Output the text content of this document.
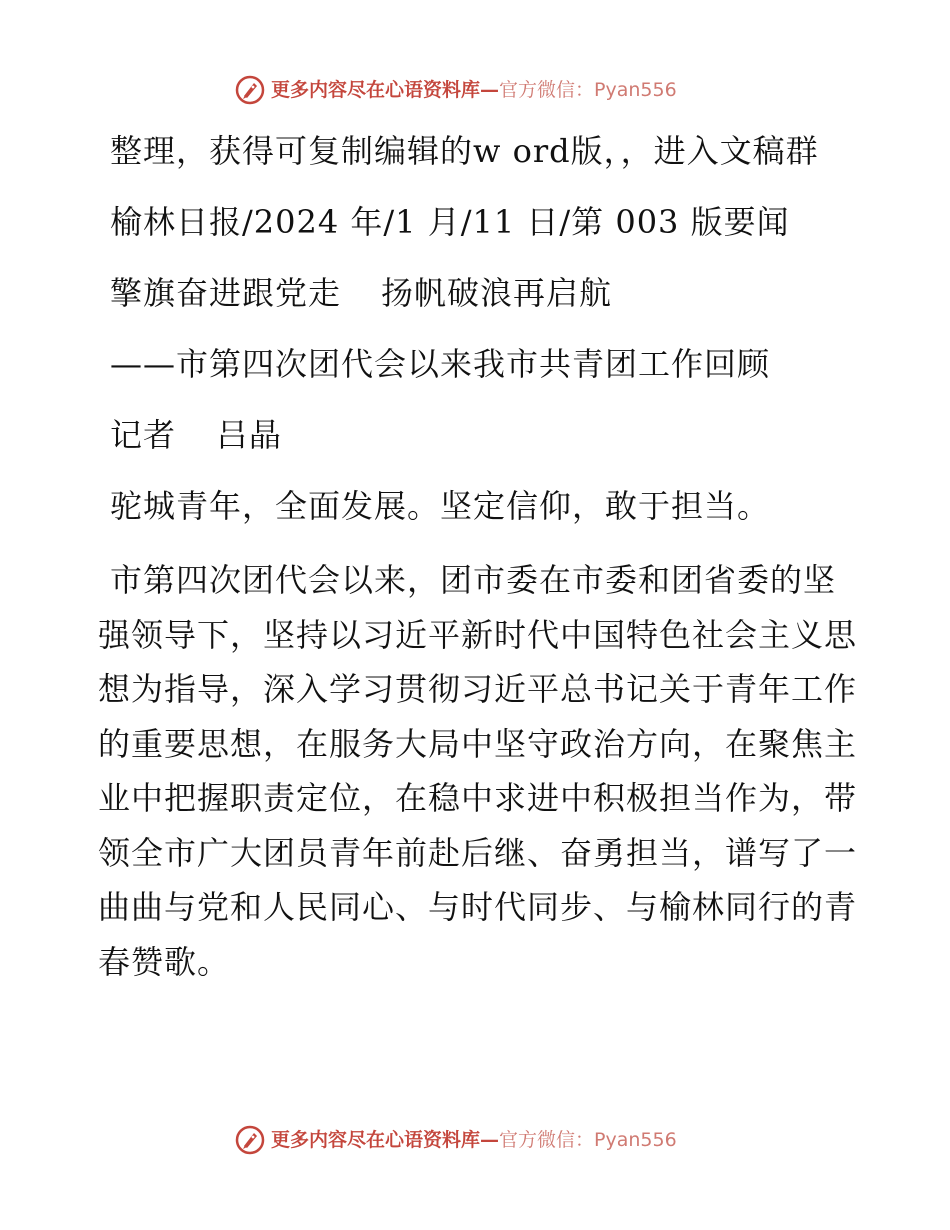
更多内容尽在心语资料库—官方微信：Pyan556

整理，获得可复制编辑的w ord版，，进入文稿群

榆林日报/2024 年/1 月/11 日/第 003 版要闻

擎旗奋进跟党走 扬帆破浪再启航

——市第四次团代会以来我市共青团工作回顾

记者 吕晶

驼城青年，全面发展。坚定信仰，敢于担当。

市第四次团代会以来，团市委在市委和团省委的坚强领导下，坚持以习近平新时代中国特色社会主义思想为指导，深入学习贯彻习近平总书记关于青年工作的重要思想，在服务大局中坚守政治方向，在聚焦主业中把握职责定位，在稳中求进中积极担当作为，带领全市广大团员青年前赴后继、奋勇担当，谱写了一曲曲与党和人民同心、与时代同步、与榆林同行的青春赞歌。

更多内容尽在心语资料库—官方微信：Pyan556
